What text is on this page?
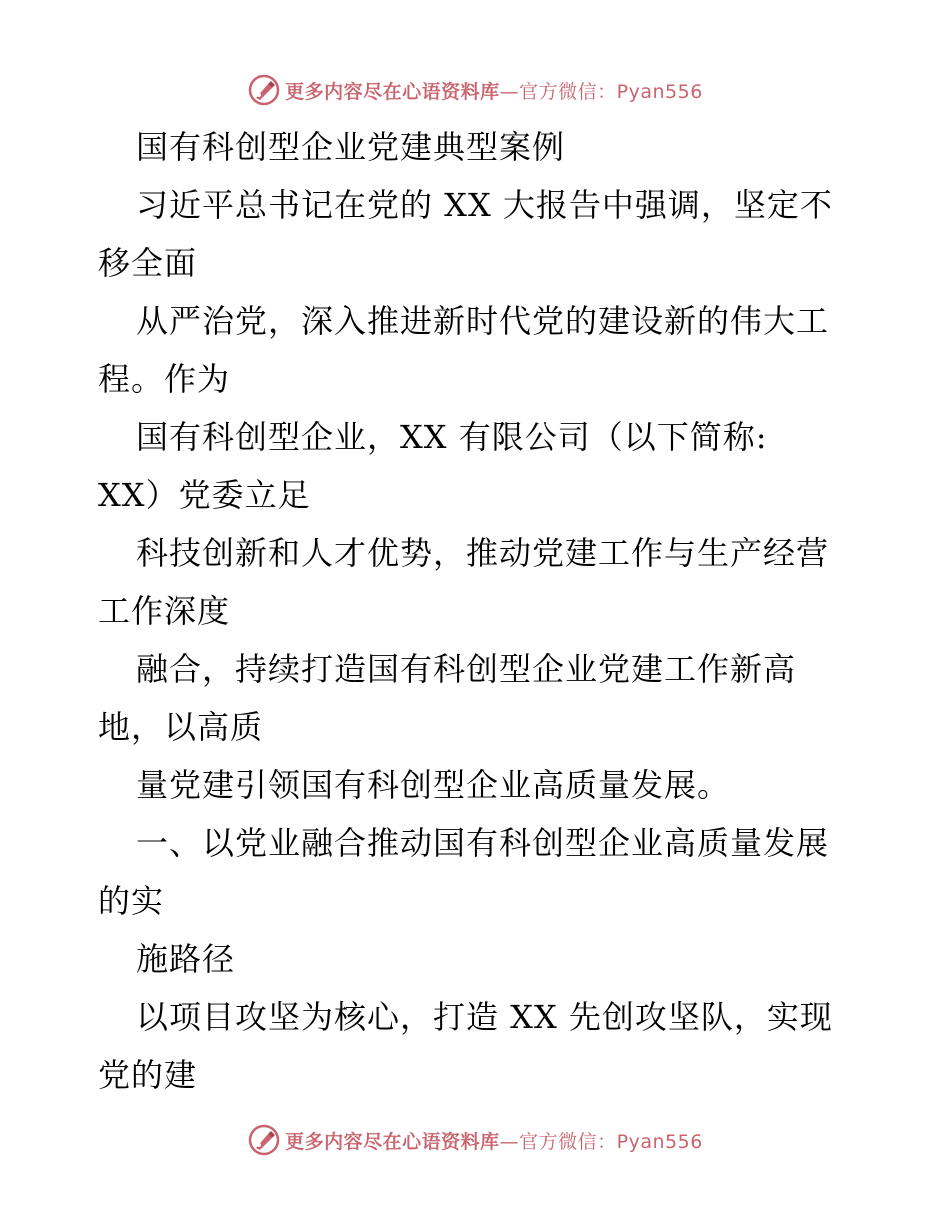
更多内容尽在心语资料库—官方微信：Pyan556
国有科创型企业党建典型案例
习近平总书记在党的 XX 大报告中强调，坚定不
移全面
从严治党，深入推进新时代党的建设新的伟大工
程。作为
国有科创型企业，XX 有限公司（以下简称:
XX）党委立足
科技创新和人才优势，推动党建工作与生产经营
工作深度
融合，持续打造国有科创型企业党建工作新高
地，以高质
量党建引领国有科创型企业高质量发展。
一、以党业融合推动国有科创型企业高质量发展
的实
施路径
以项目攻坚为核心，打造 XX 先创攻坚队，实现
党的建
更多内容尽在心语资料库—官方微信：Pyan556
